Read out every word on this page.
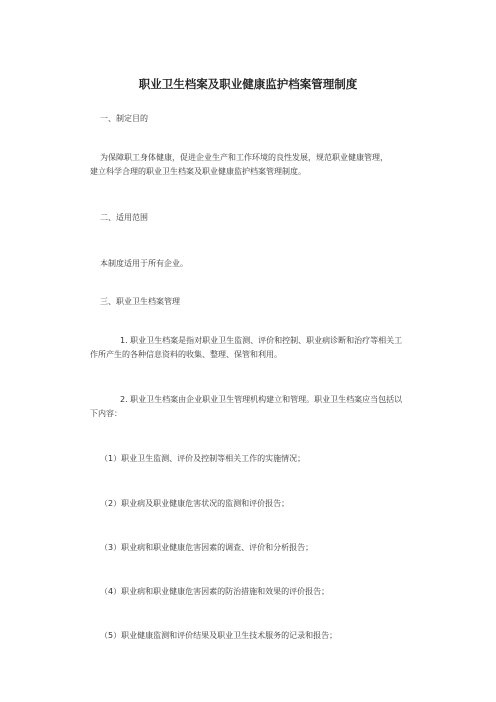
职业卫生档案及职业健康监护档案管理制度
一、制定目的
为保障职工身体健康，促进企业生产和工作环境的良性发展，规范职业健康管理，
建立科学合理的职业卫生档案及职业健康监护档案管理制度。
二、适用范围
本制度适用于所有企业。
三、职业卫生档案管理
1. 职业卫生档案是指对职业卫生监测、评价和控制、职业病诊断和治疗等相关工
作所产生的各种信息资料的收集、整理、保管和利用。
2. 职业卫生档案由企业职业卫生管理机构建立和管理。职业卫生档案应当包括以
下内容：
（1）职业卫生监测、评价及控制等相关工作的实施情况；
（2）职业病及职业健康危害状况的监测和评价报告；
（3）职业病和职业健康危害因素的调查、评价和分析报告；
（4）职业病和职业健康危害因素的防治措施和效果的评价报告；
（5）职业健康监测和评价结果及职业卫生技术服务的记录和报告；
